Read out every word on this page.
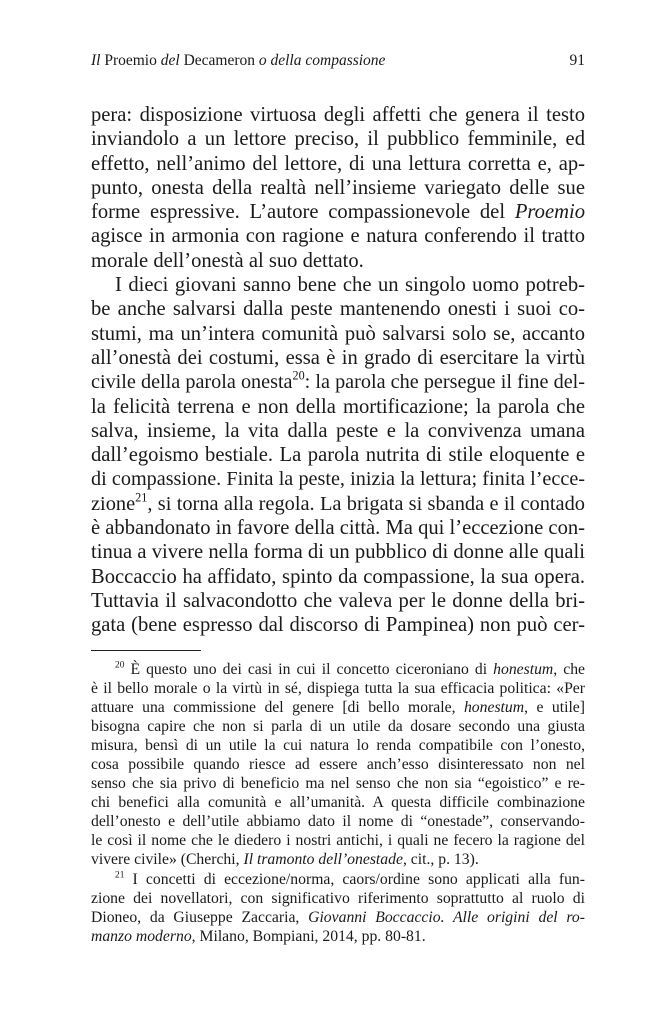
Il Proemio del Decameron o della compassione	91
pera: disposizione virtuosa degli affetti che genera il testo
inviandolo a un lettore preciso, il pubblico femminile, ed
effetto, nell’animo del lettore, di una lettura corretta e, ap-
punto, onesta della realtà nell’insieme variegato delle sue
forme espressive. L’autore compassionevole del Proemio
agisce in armonia con ragione e natura conferendo il tratto
morale dell’onestà al suo dettato.
I dieci giovani sanno bene che un singolo uomo potreb-
be anche salvarsi dalla peste mantenendo onesti i suoi co-
stumi, ma un’intera comunità può salvarsi solo se, accanto
all’onestà dei costumi, essa è in grado di esercitare la virtù
civile della parola onesta$^{20}$: la parola che persegue il fine del-
la felicità terrena e non della mortificazione; la parola che
salva, insieme, la vita dalla peste e la convivenza umana
dall’egoismo bestiale. La parola nutrita di stile eloquente e
di compassione. Finita la peste, inizia la lettura; finita l’ecce-
zione$^{21}$, si torna alla regola. La brigata si sbanda e il contado
è abbandonato in favore della città. Ma qui l’eccezione con-
tinua a vivere nella forma di un pubblico di donne alle quali
Boccaccio ha affidato, spinto da compassione, la sua opera.
Tuttavia il salvacondotto che valeva per le donne della bri-
gata (bene espresso dal discorso di Pampinea) non può cer-
$^{20}$ È questo uno dei casi in cui il concetto ciceroniano di honestum, che
è il bello morale o la virtù in sé, dispiega tutta la sua efficacia politica: «Per
attuare una commissione del genere [di bello morale, honestum, e utile]
bisogna capire che non si parla di un utile da dosare secondo una giusta
misura, bensì di un utile la cui natura lo renda compatibile con l’onesto,
cosa possibile quando riesce ad essere anch’esso disinteressato non nel
senso che sia privo di beneficio ma nel senso che non sia “egoistico” e re-
chi benefici alla comunità e all’umanità. A questa difficile combinazione
dell’onesto e dell’utile abbiamo dato il nome di “onestade”, conservando-
le così il nome che le diedero i nostri antichi, i quali ne fecero la ragione del
vivere civile» (Cherchi, Il tramonto dell’onestade, cit., p. 13).
$^{21}$ I concetti di eccezione/norma, caors/ordine sono applicati alla fun-
zione dei novellatori, con significativo riferimento soprattutto al ruolo di
Dioneo, da Giuseppe Zaccaria, Giovanni Boccaccio. Alle origini del ro-
manzo moderno, Milano, Bompiani, 2014, pp. 80-81.
